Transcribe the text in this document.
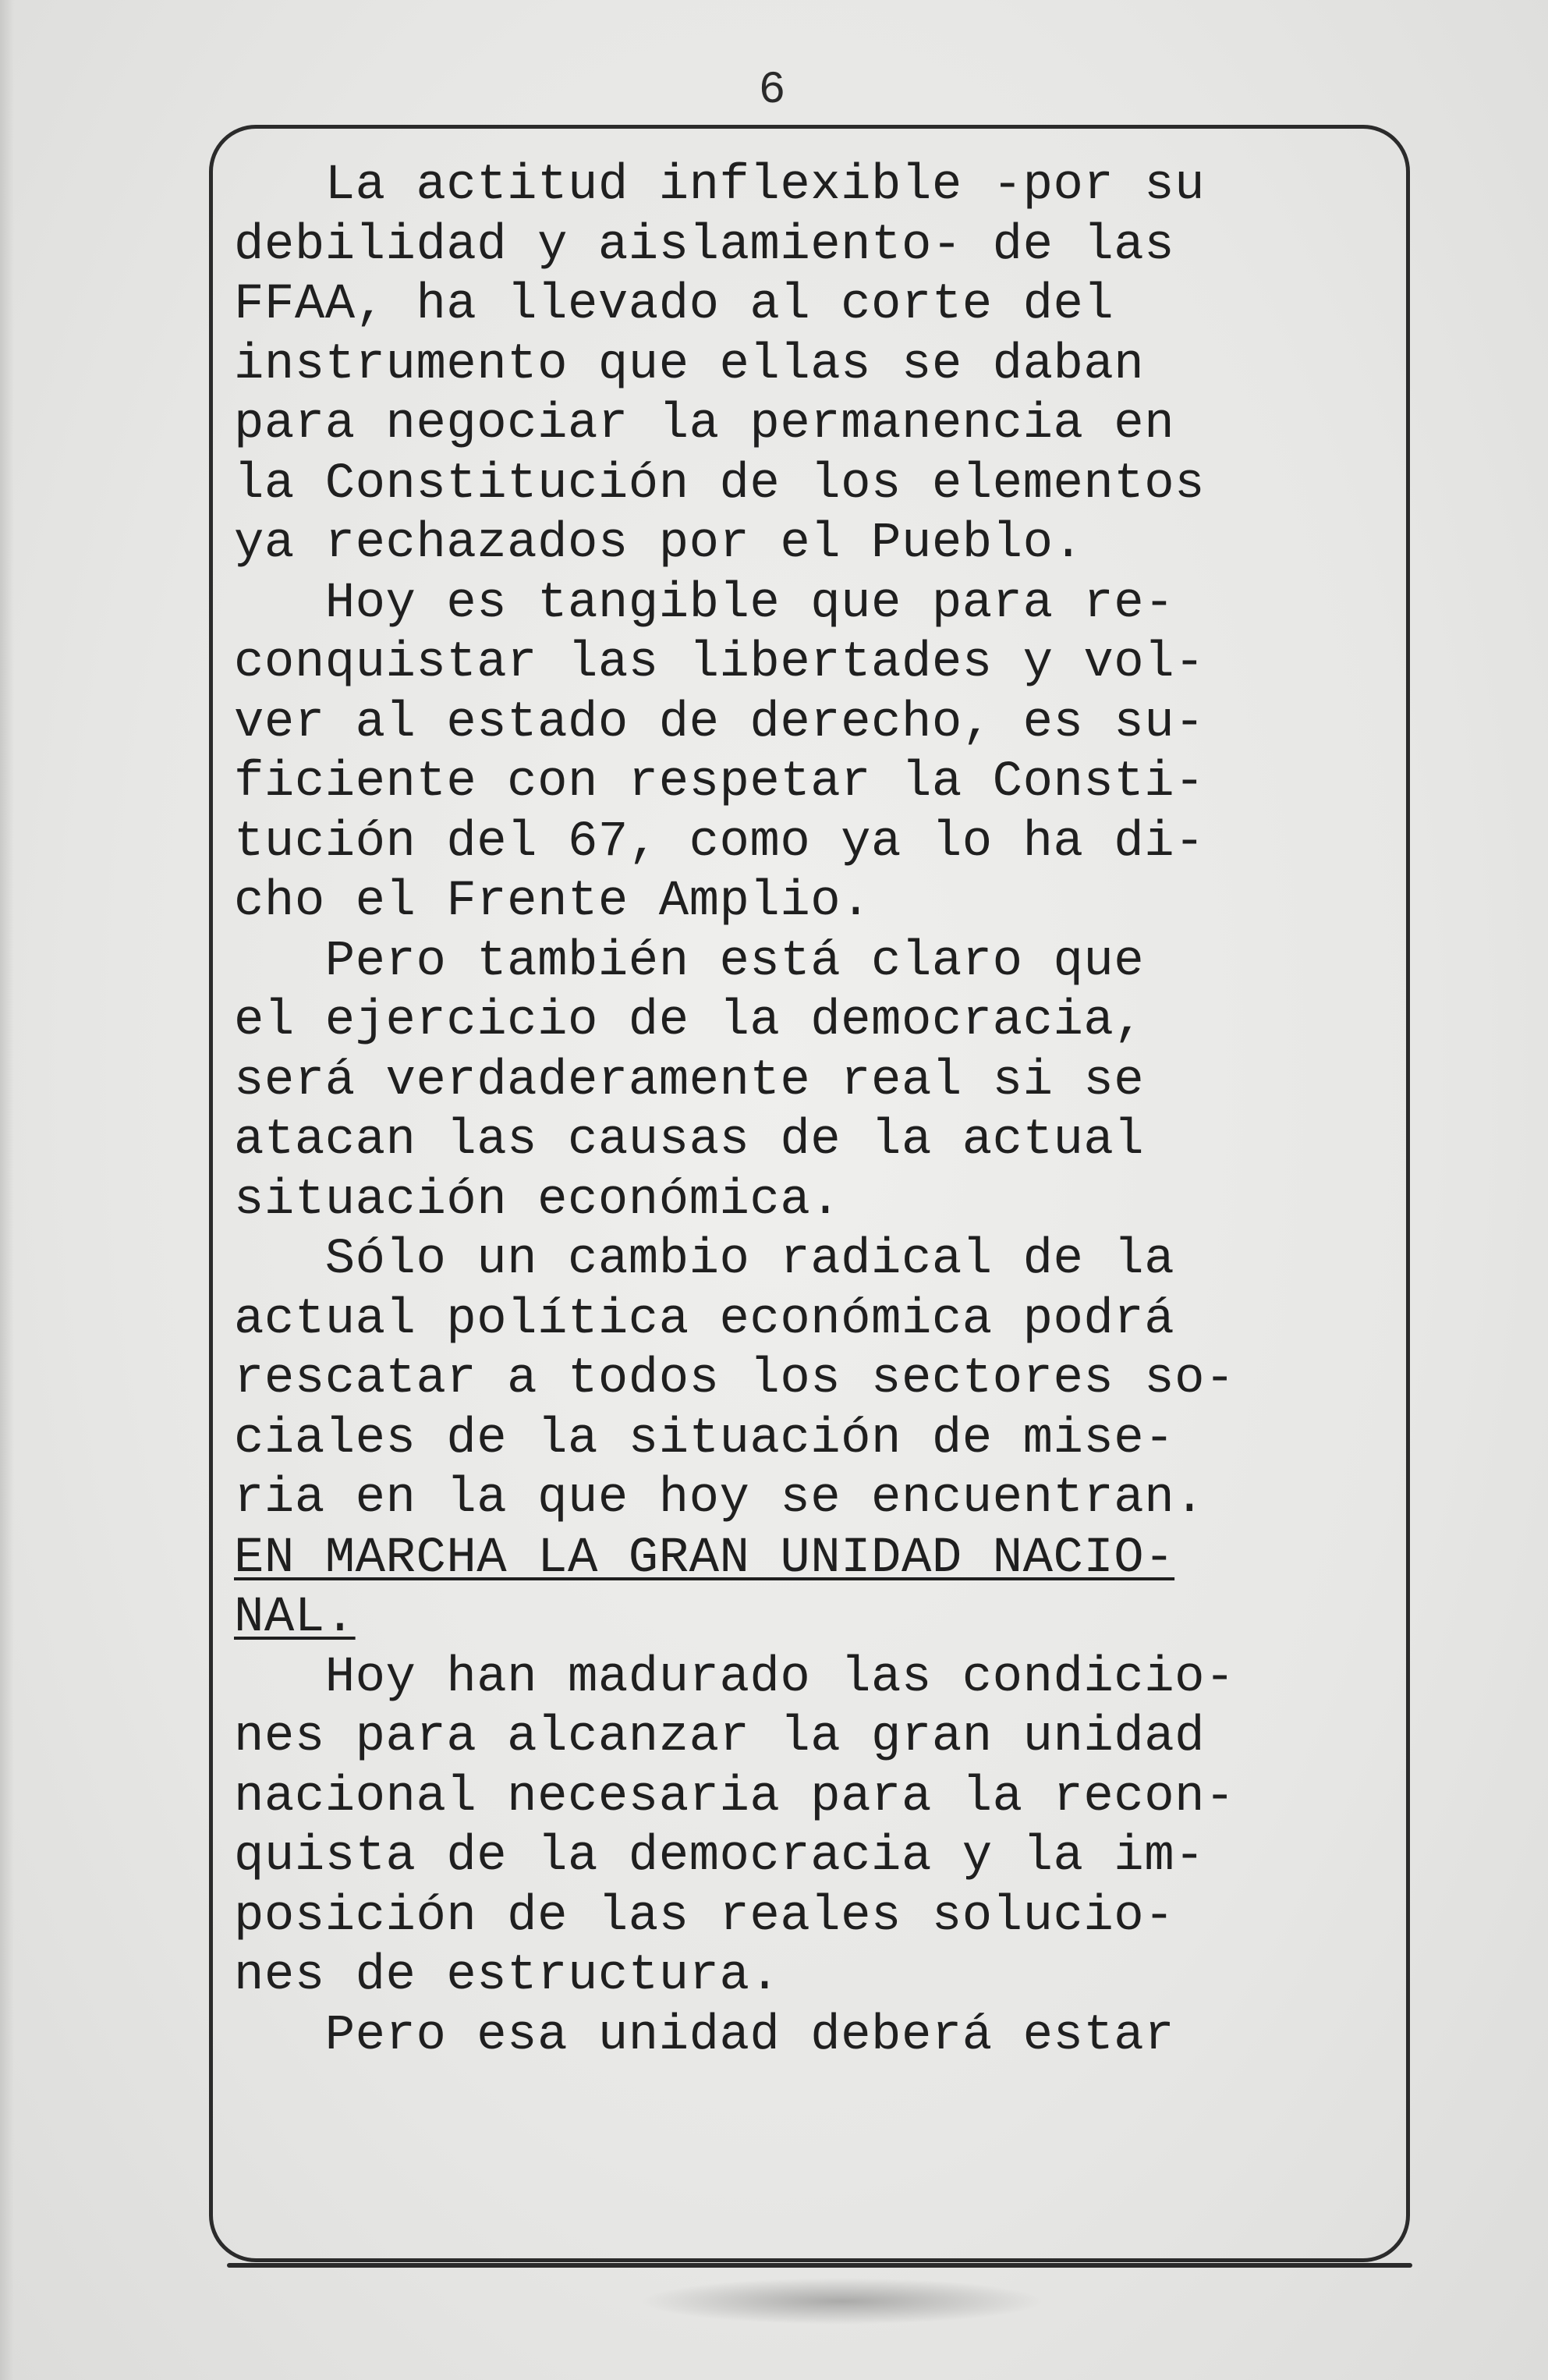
6
La actitud inflexible -por su
debilidad y aislamiento- de las
FFAA, ha llevado al corte del
instrumento que ellas se daban
para negociar la permanencia en
la Constitución de los elementos
ya rechazados por el Pueblo.
Hoy es tangible que para re-
conquistar las libertades y vol-
ver al estado de derecho, es su-
ficiente con respetar la Consti-
tución del 67, como ya lo ha di-
cho el Frente Amplio.
Pero también está claro que
el ejercicio de la democracia,
será verdaderamente real si se
atacan las causas de la actual
situación económica.
Sólo un cambio radical de la
actual política económica podrá
rescatar a todos los sectores so-
ciales de la situación de mise-
ria en la que hoy se encuentran.
EN MARCHA LA GRAN UNIDAD NACIO-
NAL.
Hoy han madurado las condicio-
nes para alcanzar la gran unidad
nacional necesaria para la recon-
quista de la democracia y la im-
posición de las reales solucio-
nes de estructura.
Pero esa unidad deberá estar
